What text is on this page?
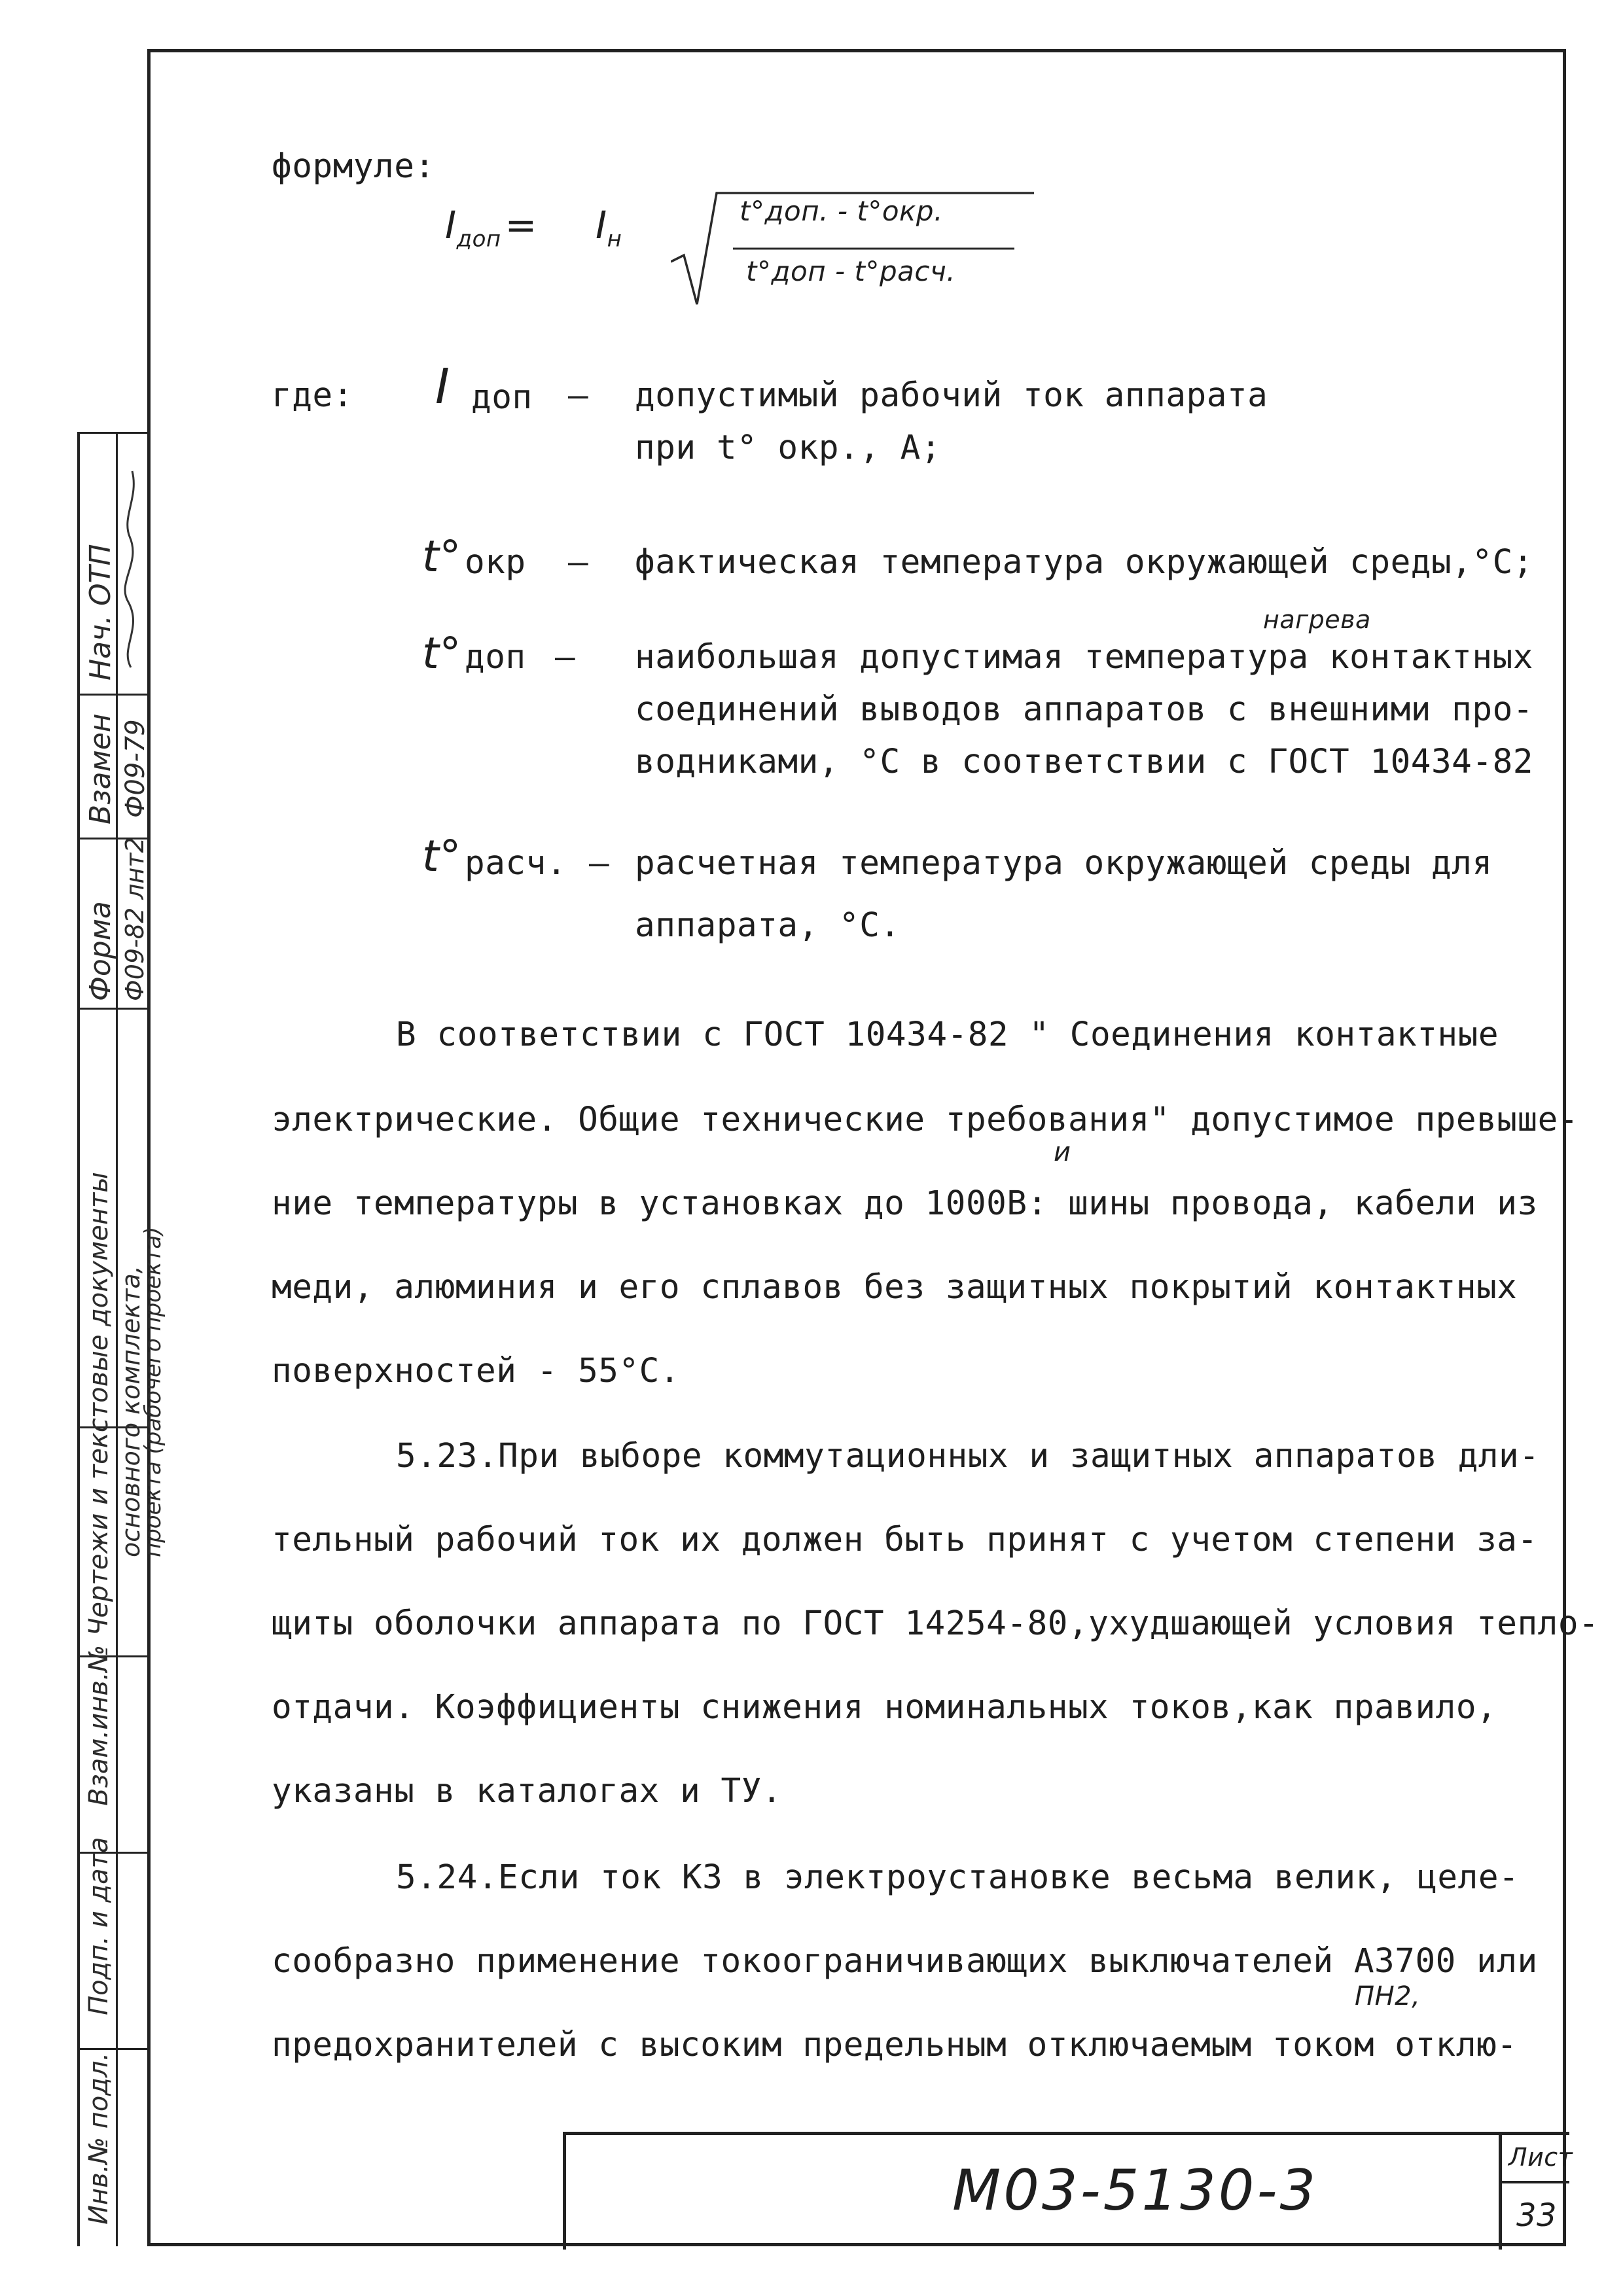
Инв.№ подл.
Подп. и дата
Взам.инв.№
Чертежи и текстовые документы основного комплекта,
проекта (рабочего проекта)
Форма Ф09-82 лнт2
Взамен Ф09-79
Нач. ОТП
формуле:
$I_{доп} = I_н$
t°доп. - t°окр.
t°доп - t°расч.
где: I доп – допустимый рабочий ток аппарата
при t° окр., А;
t° окр – фактическая температура окружающей среды,°С;
t° доп –
нагрева
наибольшая допустимая температура контактных
соединений выводов аппаратов с внешними про-
водниками, °С в соответствии с ГОСТ 10434-82
t° расч. – расчетная температура окружающей среды для
аппарата, °С.
В соответствии с ГОСТ 10434-82 " Соединения контактные
электрические. Общие технические требования" допустимое превыше-
и
ние температуры в установках до 1000В: шины провода, кабели из
меди, алюминия и его сплавов без защитных покрытий контактных
поверхностей - 55°С.
5.23.При выборе коммутационных и защитных аппаратов дли-
тельный рабочий ток их должен быть принят с учетом степени за-
щиты оболочки аппарата по ГОСТ 14254-80,ухудшающей условия тепло-
отдачи. Коэффициенты снижения номинальных токов,как правило,
указаны в каталогах и ТУ.
5.24.Если ток КЗ в электроустановке весьма велик, целе-
сообразно применение токоограничивающих выключателей А3700 или
ПН2,
предохранителей с высоким предельным отключаемым током отклю-
М03-5130-3
Лист
33
